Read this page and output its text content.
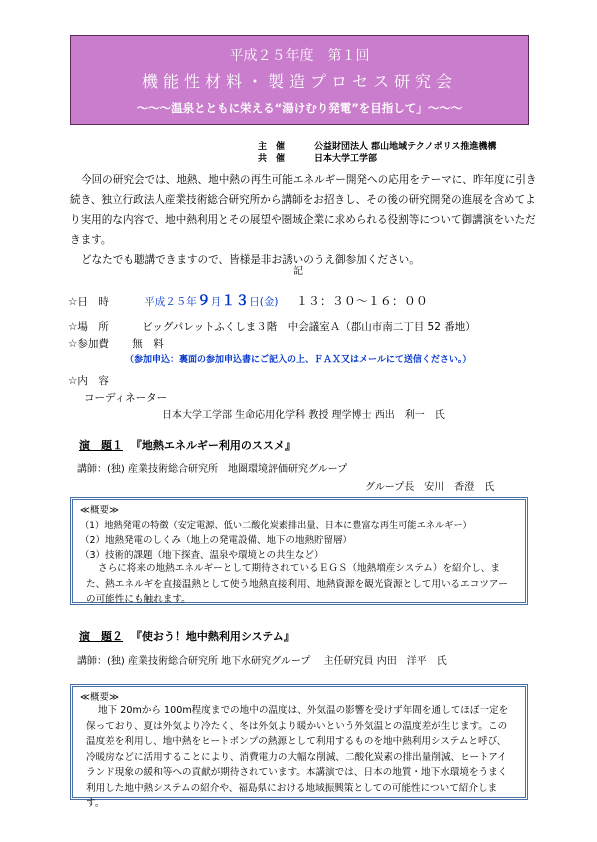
平成２５年度　第１回
機能性材料・製造プロセス研究会
～～～温泉とともに栄える“湯けむり発電”を目指して」～～～
主　催	公益財団法人 郡山地域テクノポリス推進機構
共　催	日本大学工学部

今回の研究会では、地熱、地中熱の再生可能エネルギー開発への応用をテーマに、昨年度に引き続き、独立行政法人産業技術総合研究所から講師をお招きし、その後の研究開発の進展を含めてより実用的な内容で、地中熱利用とその展望や圏域企業に求められる役割等について御講演をいただきます。

どなたでも聴講できますので、皆様是非お誘いのうえ御参加ください。

記
☆日　時	平成２５年９月１３日(金) １３：３０～１６：００
☆場　所	ビッグパレットふくしま３階　中会議室Ａ（郡山市南二丁目 52 番地）
☆参加費 無　料
（参加申込：裏面の参加申込書にご記入の上、ＦＡＸ又はメールにて送信ください。）
☆内　容
コーディネーター
日本大学工学部 生命応用化学科 教授 理学博士 西出　利一　氏
演　題１ 『地熱エネルギー利用のススメ』
講師：(独) 産業技術総合研究所　地圏環境評価研究グループ
グループ長　安川　香澄　氏
≪概要≫
（1）地熱発電の特徴（安定電源、低い二酸化炭素排出量、日本に豊富な再生可能エネルギー）
（2）地熱発電のしくみ（地上の発電設備、地下の地熱貯留層）
（3）技術的課題（地下探査、温泉や環境との共生など）
さらに将来の地熱エネルギーとして期待されているＥＧＳ（地熱増産システム）を紹介し、また、熱エネルギを直接温熱として使う地熱直接利用、地熱資源を観光資源として用いるエコツアーの可能性にも触れます。
演　題２ 『使おう！地中熱利用システム』
講師：(独) 産業技術総合研究所 地下水研究グループ　 主任研究員 内田　洋平　氏
≪概要≫
地下 20mから 100m程度までの地中の温度は、外気温の影響を受けず年間を通してほぼ一定を保っており、夏は外気より冷たく、冬は外気より暖かいという外気温との温度差が生じます。この温度差を利用し、地中熱をヒートポンプの熱源として利用するものを地中熱利用システムと呼び、冷暖房などに活用することにより、消費電力の大幅な削減、二酸化炭素の排出量削減、ヒートアイランド現象の緩和等への貢献が期待されています。本講演では、日本の地質・地下水環境をうまく利用した地中熱システムの紹介や、福島県における地域振興策としての可能性について紹介します。
